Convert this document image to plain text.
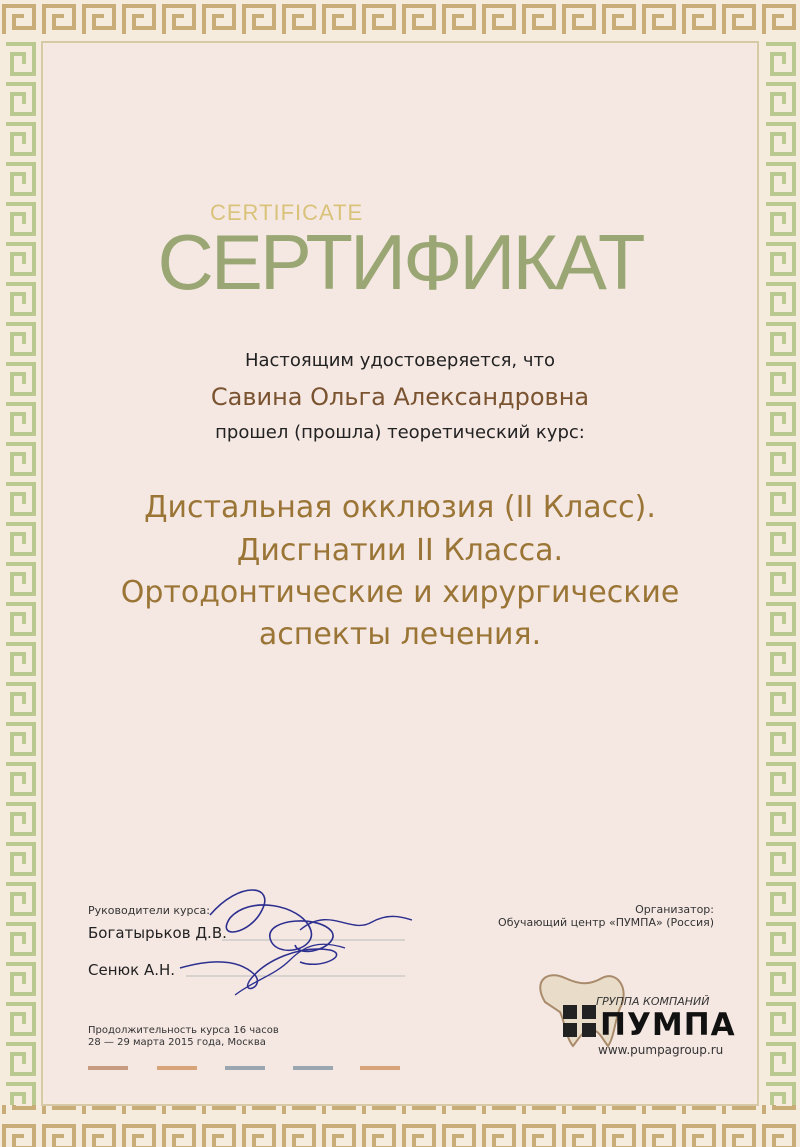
CERTIFICATE
СЕРТИФИКАТ
Настоящим удостоверяется, что
Савина Ольга Александровна
прошел (прошла) теоретический курс:
Дистальная окклюзия (II Класс).
Дисгнатии II Класса.
Ортодонтические и хирургические
аспекты лечения.
Руководители курса:
Богатырьков Д.В.
Сенюк А.Н.
Продолжительность курса 16 часов
28 — 29 марта 2015 года, Москва
Организатор:
Обучающий центр «ПУМПА» (Россия)
ГРУППА КОМПАНИЙ
ПУМПА
www.pumpagroup.ru
